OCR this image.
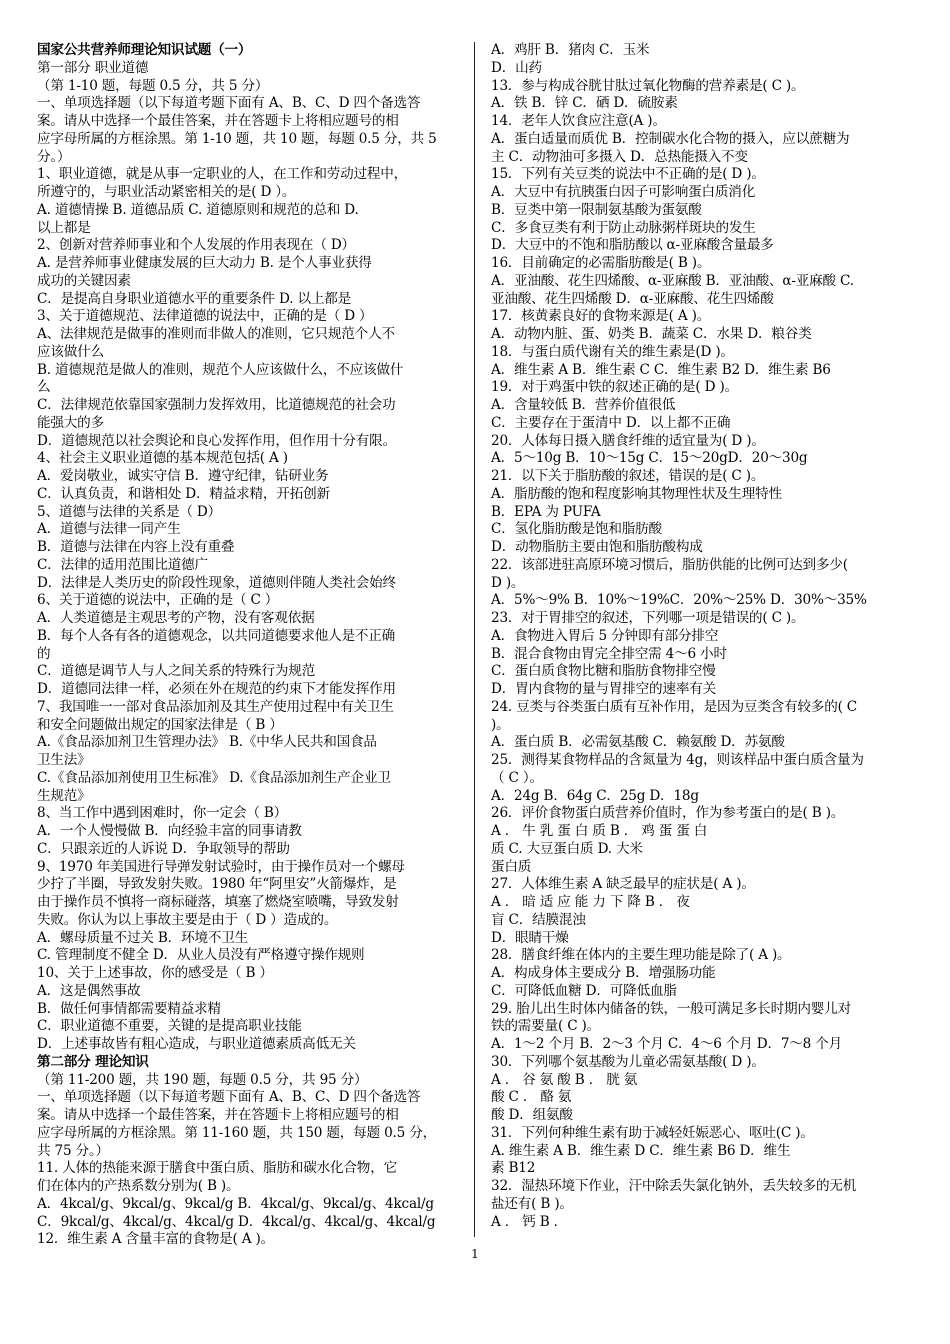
国家公共营养师理论知识试题（一）
第一部分 职业道德
（第 1-10 题，每题 0.5 分，共 5 分）
一、单项选择题（以下每道考题下面有 A、B、C、D 四个备选答
案。请从中选择一个最佳答案，并在答题卡上将相应题号的相
应字母所属的方框涂黑。第 1-10 题，共 10 题，每题 0.5 分，共 5
分。）
1、职业道德，就是从事一定职业的人，在工作和劳动过程中，
所遵守的，与职业活动紧密相关的是( D ）。
A. 道德情操 B. 道德品质 C. 道德原则和规范的总和 D.
以上都是
2、创新对营养师事业和个人发展的作用表现在（ D）
A. 是营养师事业健康发展的巨大动力 B. 是个人事业获得
成功的关键因素
C．是提高自身职业道德水平的重要条件 D. 以上都是
3、关于道德规范、法律道德的说法中，正确的是（ D ）
A、法律规范是做事的准则而非做人的准则，它只规范个人不
应该做什么
B. 道德规范是做人的准则，规范个人应该做什么，不应该做什
么
C．法律规范依靠国家强制力发挥效用，比道德规范的社会功
能强大的多
D．道德规范以社会舆论和良心发挥作用，但作用十分有限。
4、社会主义职业道德的基本规范包括( A )
A．爱岗敬业，诚实守信 B．遵守纪律，钻研业务
C．认真负责，和谐相处 D．精益求精，开拓创新
5、道德与法律的关系是（ D）
A．道德与法律一同产生
B．道德与法律在内容上没有重叠
C．法律的适用范围比道德广
D．法律是人类历史的阶段性现象，道德则伴随人类社会始终
6、关于道德的说法中，正确的是（ C ）
A．人类道德是主观思考的产物，没有客观依据
B．每个人各有各的道德观念，以共同道德要求他人是不正确
的
C．道德是调节人与人之间关系的特殊行为规范
D．道德同法律一样，必须在外在规范的约束下才能发挥作用
7、我国唯一一部对食品添加剂及其生产使用过程中有关卫生
和安全问题做出规定的国家法律是（ B ）
A.《食品添加剂卫生管理办法》 B.《中华人民共和国食品
卫生法》
C.《食品添加剂使用卫生标准》 D.《食品添加剂生产企业卫
生规范》
8、当工作中遇到困难时，你一定会（ B）
A．一个人慢慢做 B．向经验丰富的同事请教
C．只跟亲近的人诉说 D．争取领导的帮助
9、1970 年美国进行导弹发射试验时，由于操作员对一个螺母
少拧了半圈，导致发射失败。1980 年“阿里安”火箭爆炸，是
由于操作员不慎将一商标碰落，填塞了燃烧室喷嘴，导致发射
失败。你认为以上事故主要是由于（ D ）造成的。
A．螺母质量不过关 B．环境不卫生
C. 管理制度不健全 D．从业人员没有严格遵守操作规则
10、关于上述事故，你的感受是（ B ）
A．这是偶然事故
B．做任何事情都需要精益求精
C．职业道德不重要，关键的是提高职业技能
D．上述事故皆有粗心造成，与职业道德素质高低无关
第二部分 理论知识
（第 11-200 题，共 190 题，每题 0.5 分，共 95 分）
一、单项选择题（以下每道考题下面有 A、B、C、D 四个备选答
案。请从中选择一个最佳答案，并在答题卡上将相应题号的相
应字母所属的方框涂黑。第 11-160 题，共 150 题，每题 0.5 分，
共 75 分。）
11. 人体的热能来源于膳食中蛋白质、脂肪和碳水化合物，它
们在体内的产热系数分别为( B )。
A．4kcal/g、9kcal/g、9kcal/g B．4kcal/g、9kcal/g、4kcal/g
C．9kcal/g、4kcal/g、4kcal/g D．4kcal/g、4kcal/g、4kcal/g
12．维生素 A 含量丰富的食物是( A )。
A．鸡肝 B．猪肉 C．玉米
D．山药
13．参与构成谷胱甘肽过氧化物酶的营养素是( C )。
A．铁 B．锌 C．硒 D．硫胺素
14．老年人饮食应注意(A )。
A．蛋白适量而质优 B．控制碳水化合物的摄入，应以蔗糖为
主 C．动物油可多摄入 D．总热能摄入不变
15．下列有关豆类的说法中不正确的是( D )。
A．大豆中有抗胰蛋白因子可影响蛋白质消化
B．豆类中第一限制氨基酸为蛋氨酸
C．多食豆类有利于防止动脉粥样斑块的发生
D．大豆中的不饱和脂肪酸以 α-亚麻酸含量最多
16．目前确定的必需脂肪酸是( B )。
A．亚油酸、花生四烯酸、α-亚麻酸 B．亚油酸、α-亚麻酸 C.
亚油酸、花生四烯酸 D．α-亚麻酸、花生四烯酸
17．核黄素良好的食物来源是( A )。
A．动物内脏、蛋、奶类 B．蔬菜 C．水果 D．粮谷类
18．与蛋白质代谢有关的维生素是(D )。
A．维生素 A B．维生素 C C．维生素 B2 D．维生素 B6
19．对于鸡蛋中铁的叙述正确的是( D )。
A．含量较低 B．营养价值很低
C．主要存在于蛋清中 D．以上都不正确
20．人体每日摄入膳食纤维的适宜量为( D )。
A．5～10g B．10～15g C．15～20gD．20～30g
21．以下关于脂肪酸的叙述，错误的是( C )。
A．脂肪酸的饱和程度影响其物理性状及生理特性
B．EPA 为 PUFA
C．氢化脂肪酸是饱和脂肪酸
D．动物脂肪主要由饱和脂肪酸构成
22．该部进驻高原环境习惯后，脂肪供能的比例可达到多少(
D )。
A．5%～9% B．10%～19%C．20%～25% D．30%～35%
23．对于胃排空的叙述，下列哪一项是错误的( C )。
A．食物进入胃后 5 分钟即有部分排空
B．混合食物由胃完全排空需 4～6 小时
C．蛋白质食物比糖和脂肪食物排空慢
D．胃内食物的量与胃排空的速率有关
24. 豆类与谷类蛋白质有互补作用，是因为豆类含有较多的( C
)。
A．蛋白质 B．必需氨基酸 C．赖氨酸 D．苏氨酸
25．测得某食物样品的含氮量为 4g，则该样品中蛋白质含量为
（ C ）。
A．24g B．64g C．25g D．18g
26．评价食物蛋白质营养价值时，作为参考蛋白的是( B )。
A ． 牛 乳 蛋 白 质 B ． 鸡 蛋 蛋 白
质 C. 大豆蛋白质 D. 大米
蛋白质
27．人体维生素 A 缺乏最早的症状是( A )。
A ． 暗 适 应 能 力 下 降 B ． 夜
盲 C．结膜混浊
D．眼睛干燥
28．膳食纤维在体内的主要生理功能是除了( A )。
A．构成身体主要成分 B．增强肠功能
C．可降低血糖 D．可降低血脂
29. 胎儿出生时体内储备的铁，一般可满足多长时期内婴儿对
铁的需要量( C )。
A．1～2 个月 B．2～3 个月 C．4～6 个月 D．7～8 个月
30．下列哪个氨基酸为儿童必需氨基酸( D )。
A ． 谷 氨 酸 B ． 胱 氨
酸 C ． 酪 氨
酸 D．组氨酸
31．下列何种维生素有助于减轻妊娠恶心、呕吐(C )。
A. 维生素 A B．维生素 D C．维生素 B6 D．维生
素 B12
32．湿热环境下作业，汗中除丢失氯化钠外，丢失较多的无机
盐还有( B )。
A ． 钙 B ．
1
